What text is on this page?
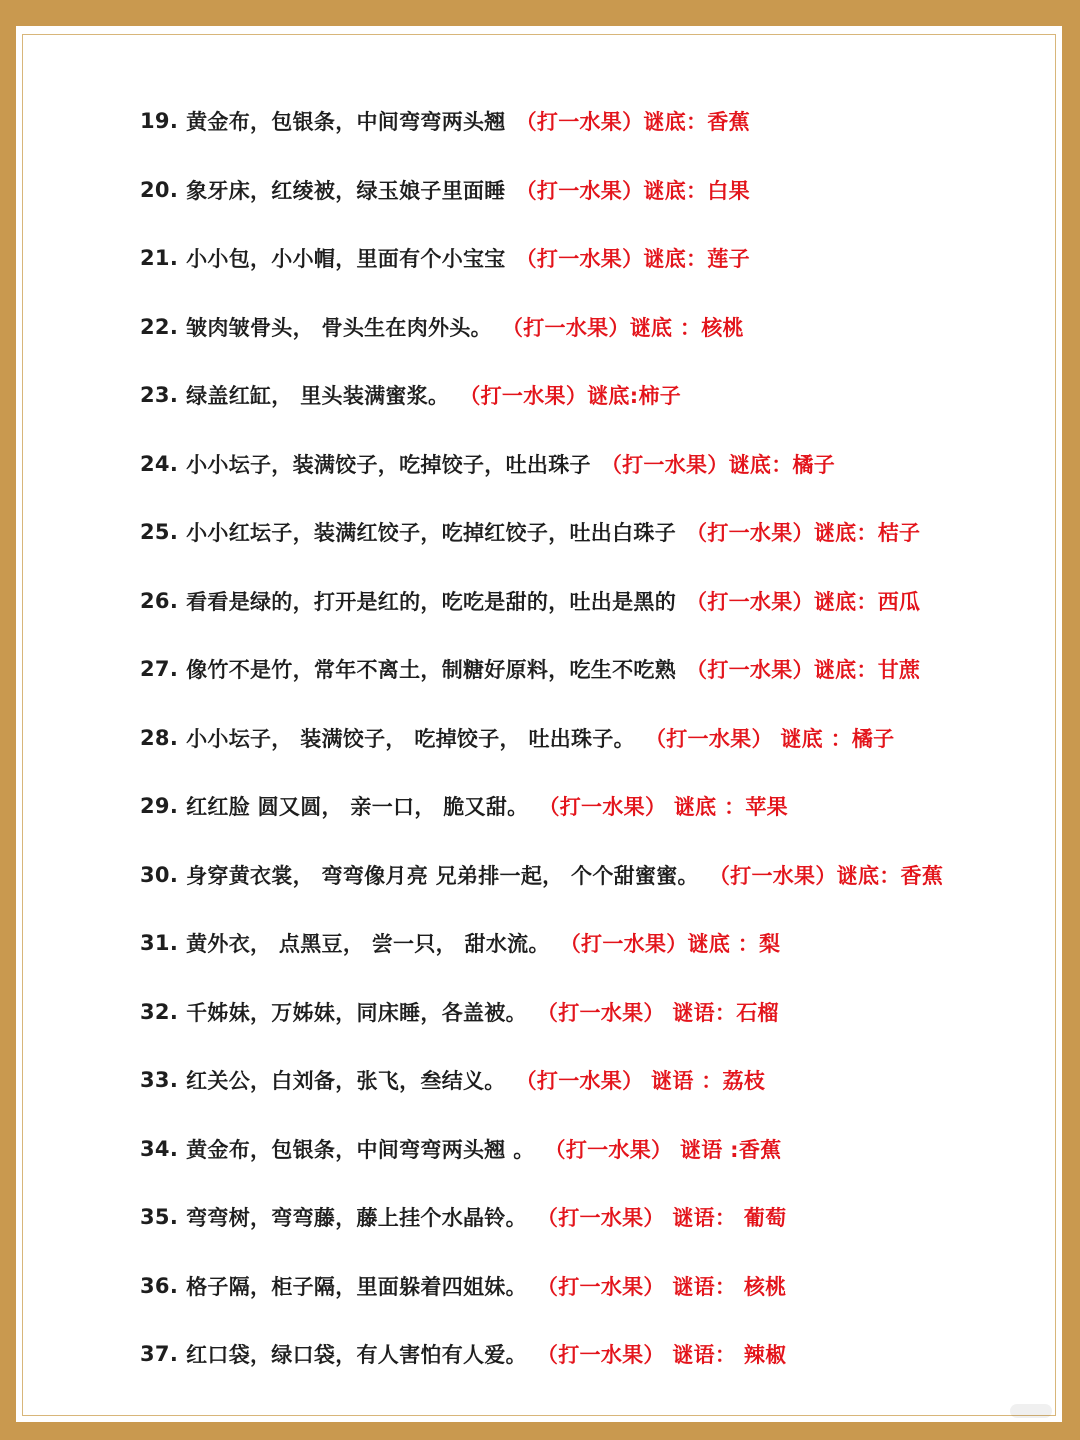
19. 黄金布，包银条，中间弯弯两头翘 （打一水果）谜底：香蕉
20. 象牙床，红绫被，绿玉娘子里面睡 （打一水果）谜底：白果
21. 小小包，小小帽，里面有个小宝宝 （打一水果）谜底：莲子
22. 皱肉皱骨头， 骨头生在肉外头。 （打一水果）谜底 ：核桃
23. 绿盖红缸， 里头装满蜜浆。 （打一水果）谜底:柿子
24. 小小坛子，装满饺子，吃掉饺子，吐出珠子 （打一水果）谜底：橘子
25. 小小红坛子，装满红饺子，吃掉红饺子，吐出白珠子 （打一水果）谜底：桔子
26. 看看是绿的，打开是红的，吃吃是甜的，吐出是黑的 （打一水果）谜底：西瓜
27. 像竹不是竹，常年不离土，制糖好原料，吃生不吃熟 （打一水果）谜底：甘蔗
28. 小小坛子， 装满饺子， 吃掉饺子， 吐出珠子。 （打一水果） 谜底 ：橘子
29. 红红脸 圆又圆， 亲一口， 脆又甜。 （打一水果） 谜底 ：苹果
30. 身穿黄衣裳， 弯弯像月亮 兄弟排一起， 个个甜蜜蜜。 （打一水果）谜底：香蕉
31. 黄外衣， 点黑豆， 尝一只， 甜水流。 （打一水果）谜底 ：梨
32. 千姊妹，万姊妹，同床睡，各盖被。 （打一水果） 谜语：石榴
33. 红关公，白刘备，张飞，叁结义。 （打一水果） 谜语 ：荔枝
34. 黄金布，包银条，中间弯弯两头翘 。 （打一水果） 谜语 :香蕉
35. 弯弯树，弯弯藤，藤上挂个水晶铃。 （打一水果） 谜语： 葡萄
36. 格子隔，柜子隔，里面躲着四姐妹。 （打一水果） 谜语： 核桃
37. 红口袋，绿口袋，有人害怕有人爱。 （打一水果） 谜语： 辣椒
